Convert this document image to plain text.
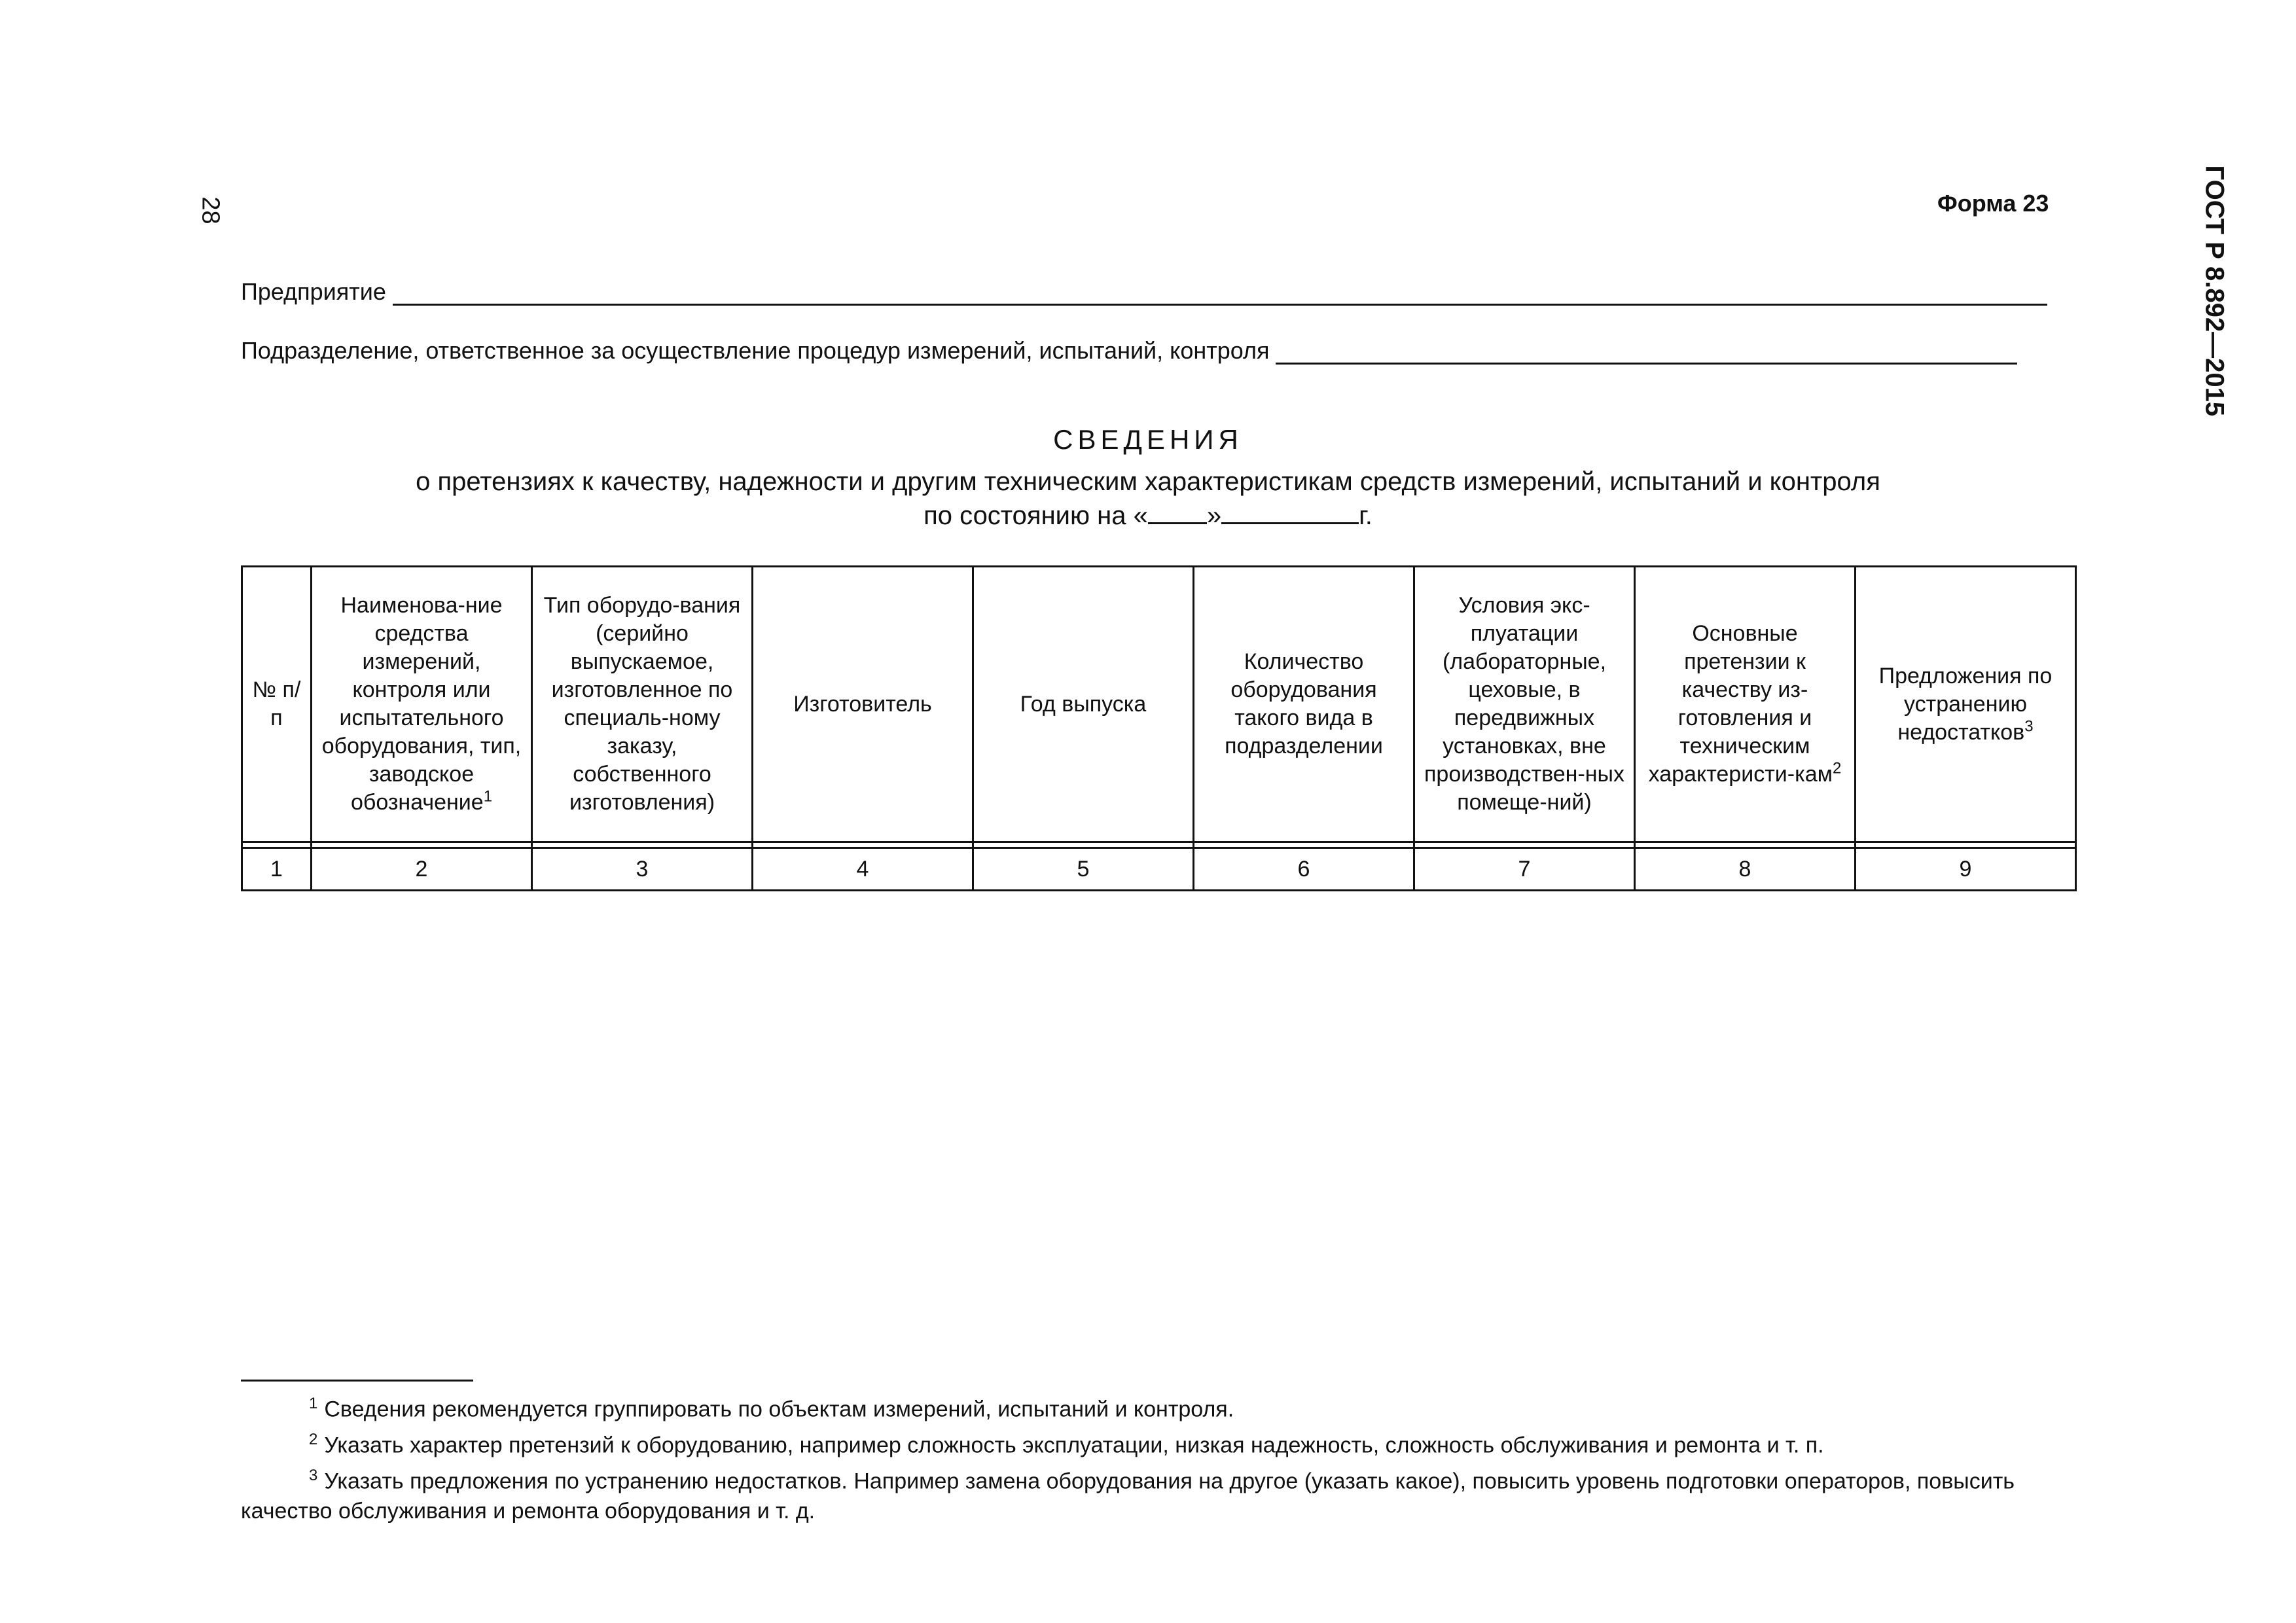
28	ГОСТ Р 8.892—2015
Форма 23
Предприятие
Подразделение, ответственное за осуществление процедур измерений, испытаний, контроля
СВЕДЕНИЯ
о претензиях к качеству, надежности и другим техническим характеристикам средств измерений, испытаний и контроля
по состоянию на « »	г.
№ п/п	Наименова-ние средства измерений, контроля или испытательного оборудования, тип, заводское обозначение$^1$	Тип оборудо-вания (серийно выпускаемое, изготовленное по специаль-ному заказу, собственного изготовления)	Изготовитель	Год выпуска	Количество оборудования такого вида в подразделении	Условия экс-плуатации (лабораторные, цеховые, в передвижных установках, вне производствен-ных помеще-ний)	Основные претензии к качеству из-готовления и техническим характеристи-кам$^2$	Предложения по устранению недостатков$^3$

1	2	3	4	5	6	7	8	9
$^1$ Сведения рекомендуется группировать по объектам измерений, испытаний и контроля.
$^2$ Указать характер претензий к оборудованию, например сложность эксплуатации, низкая надежность, сложность обслуживания и ремонта и т. п.
$^3$ Указать предложения по устранению недостатков. Например замена оборудования на другое (указать какое), повысить уровень подготовки операторов, повысить качество обслуживания и ремонта оборудования и т. д.
